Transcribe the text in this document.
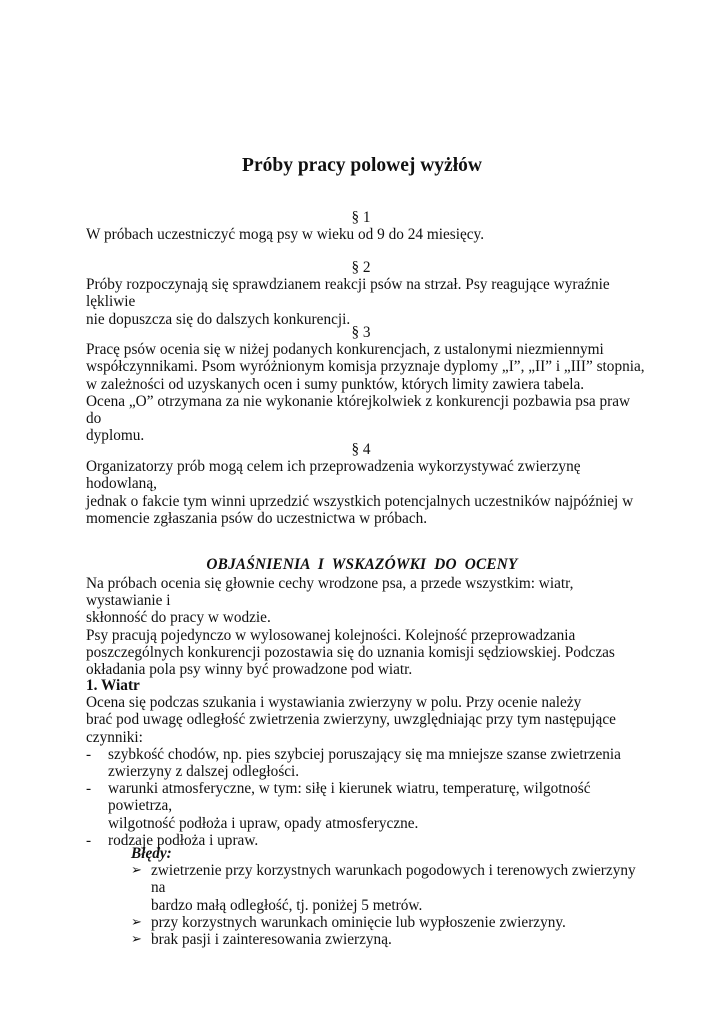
Próby pracy polowej wyżłów

§ 1

W próbach uczestniczyć mogą psy w wieku od 9 do 24 miesięcy.

§ 2

Próby rozpoczynają się sprawdzianem reakcji psów na strzał. Psy reagujące wyraźnie lękliwie
nie dopuszcza się do dalszych konkurencji.

§ 3

Pracę psów ocenia się w niżej podanych konkurencjach, z ustalonymi niezmiennymi
współczynnikami. Psom wyróżnionym komisja przyznaje dyplomy „I”, „II” i „III” stopnia,
w zależności od uzyskanych ocen i sumy punktów, których limity zawiera tabela.
Ocena „O” otrzymana za nie wykonanie którejkolwiek z konkurencji pozbawia psa praw do
dyplomu.

§ 4

Organizatorzy prób mogą celem ich przeprowadzenia wykorzystywać zwierzynę hodowlaną,
jednak o fakcie tym winni uprzedzić wszystkich potencjalnych uczestników najpóźniej w
momencie zgłaszania psów do uczestnictwa w próbach.

OBJAŚNIENIA I WSKAZÓWKI DO OCENY
Na próbach ocenia się głownie cechy wrodzone psa, a przede wszystkim: wiatr, wystawianie i
skłonność do pracy w wodzie.
Psy pracują pojedynczo w wylosowanej kolejności. Kolejność przeprowadzania
poszczególnych konkurencji pozostawia się do uznania komisji sędziowskiej. Podczas
okładania pola psy winny być prowadzone pod wiatr.

1. Wiatr

Ocena się podczas szukania i wystawiania zwierzyny w polu. Przy ocenie należy
brać pod uwagę odległość zwietrzenia zwierzyny, uwzględniając przy tym następujące
czynniki:

- szybkość chodów, np. pies szybciej poruszający się ma mniejsze szanse zwietrzenia
zwierzyny z dalszej odległości.
- warunki atmosferyczne, w tym: siłę i kierunek wiatru, temperaturę, wilgotność powietrza,
wilgotność podłoża i upraw, opady atmosferyczne.
- rodzaje podłoża i upraw.

Błędy:

➢ zwietrzenie przy korzystnych warunkach pogodowych i terenowych zwierzyny na
bardzo małą odległość, tj. poniżej 5 metrów.
➢ przy korzystnych warunkach ominięcie lub wypłoszenie zwierzyny.
➢ brak pasji i zainteresowania zwierzyną.
